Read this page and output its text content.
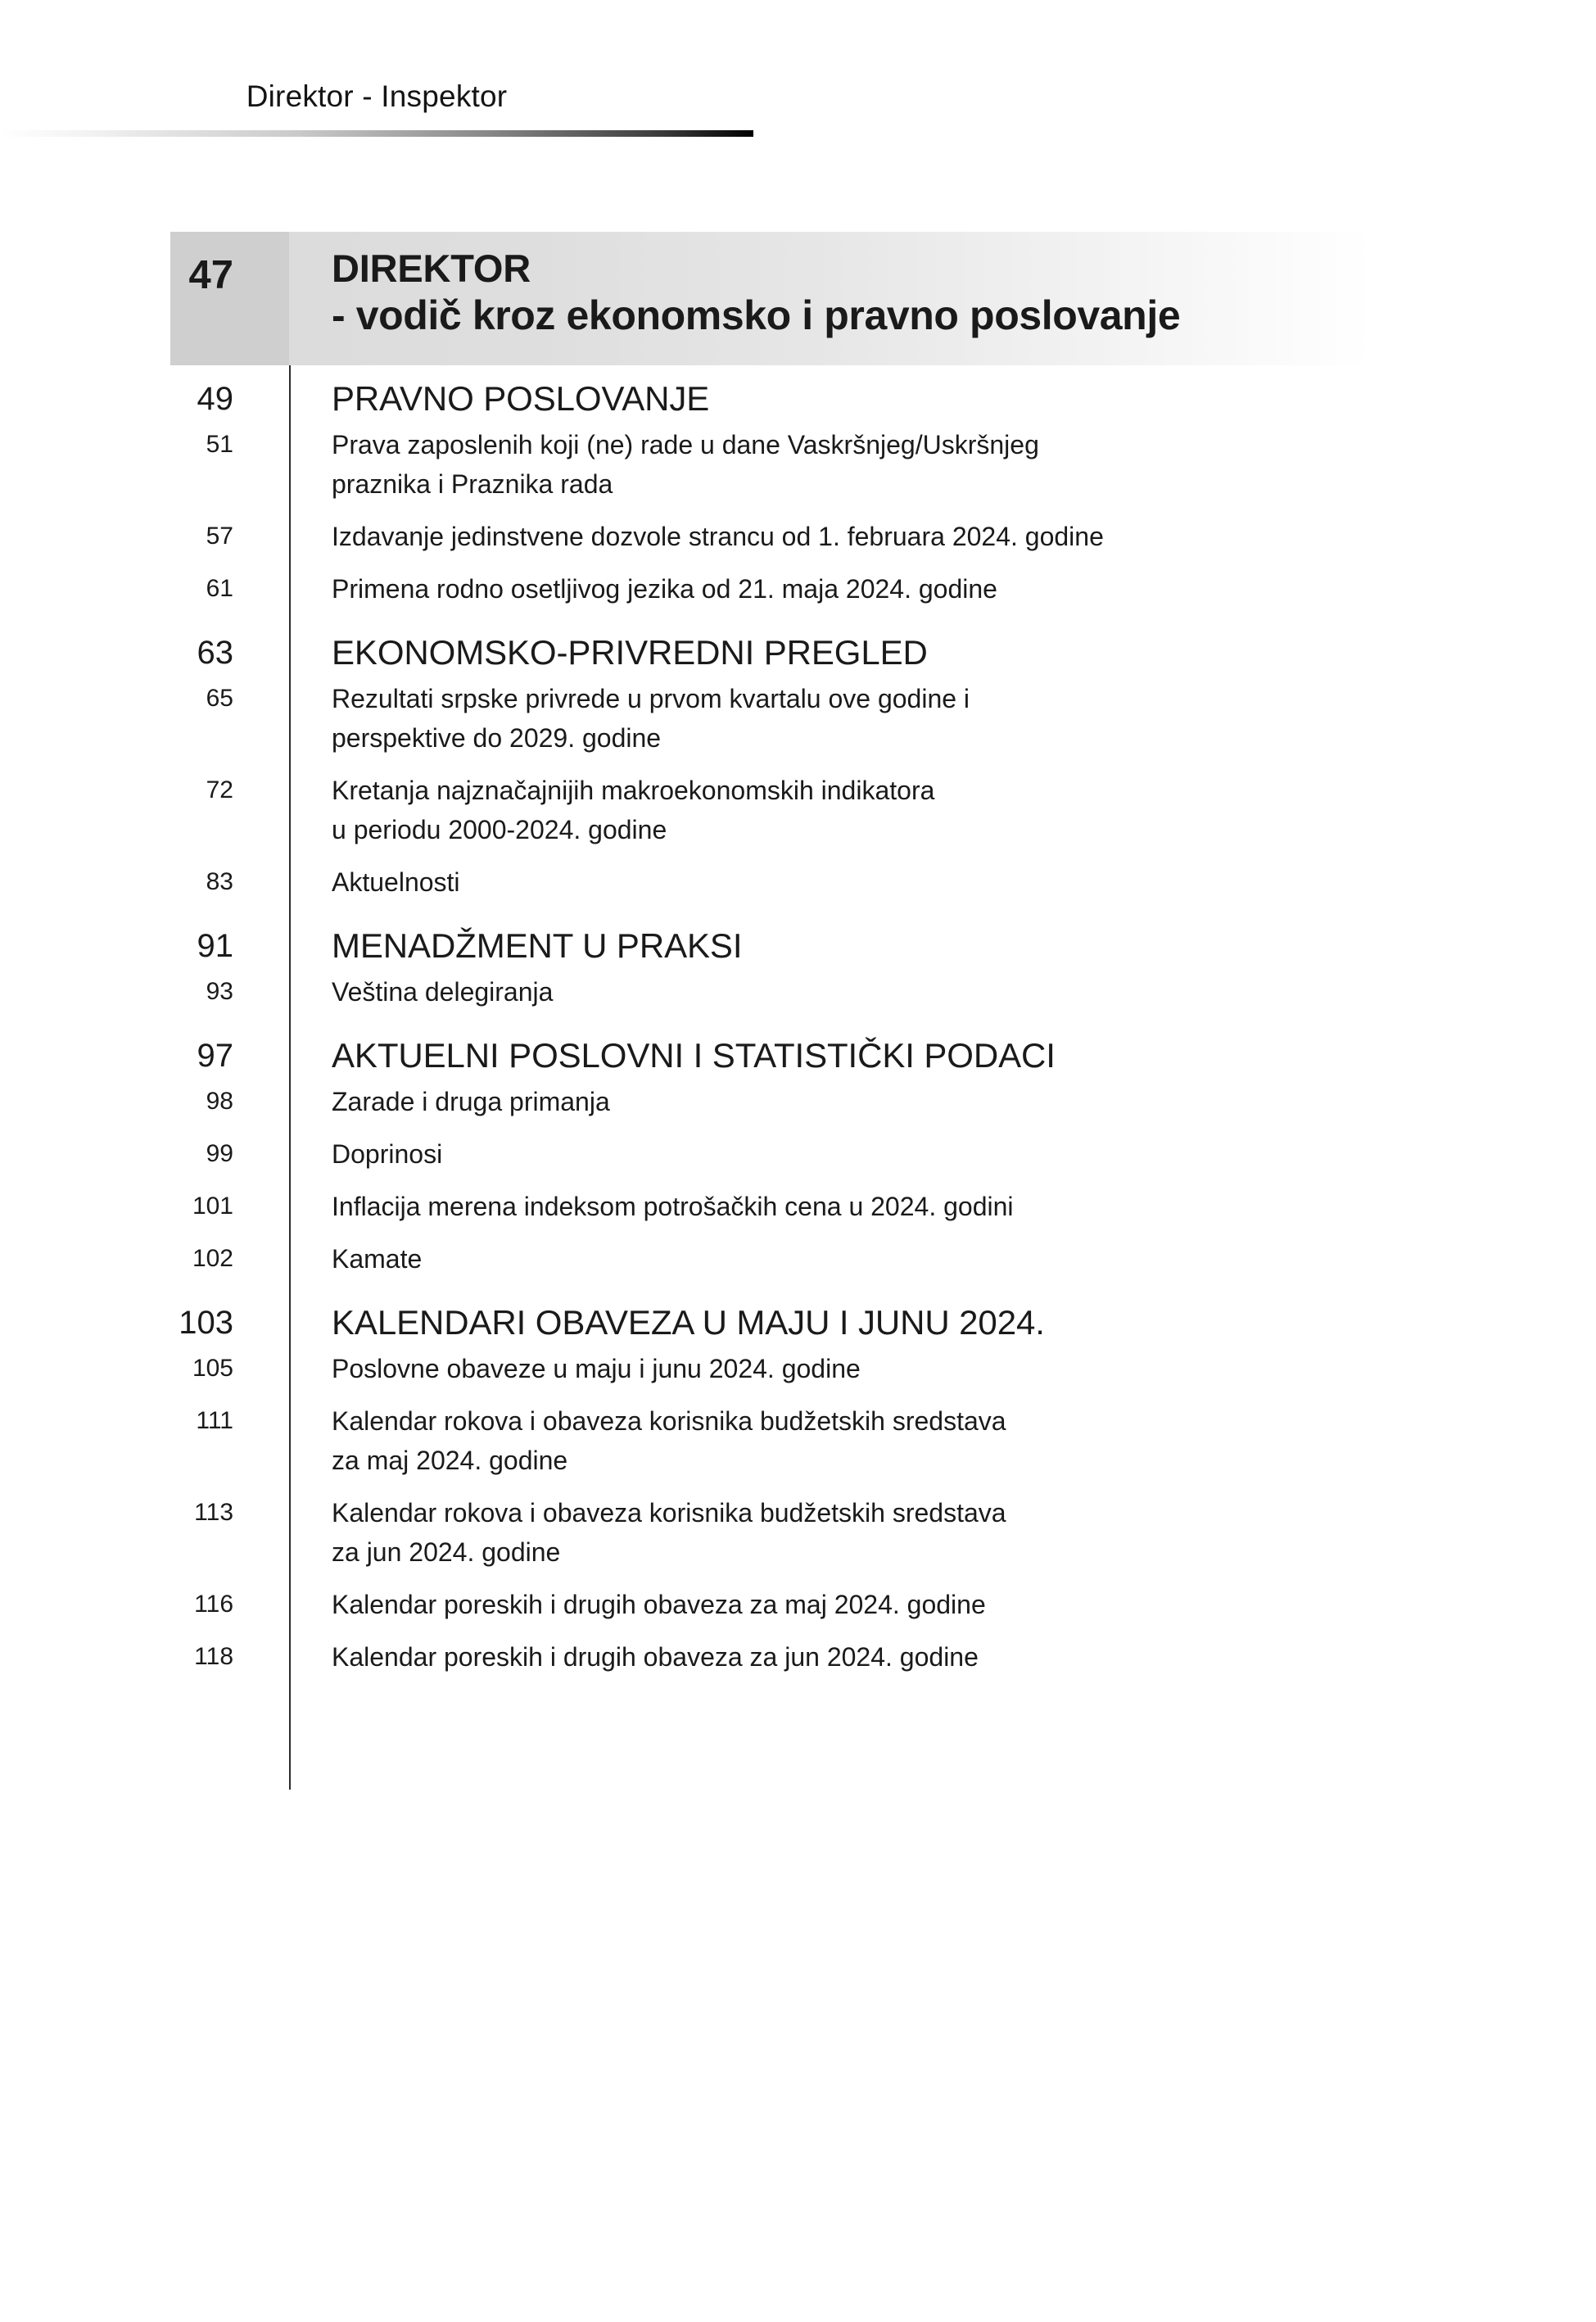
Direktor - Inspektor
47	DIREKTOR
- vodič kroz ekonomsko i pravno poslovanje
49	PRAVNO POSLOVANJE
51	Prava zaposlenih koji (ne) rade u dane Vaskršnjeg/Uskršnjeg
praznika i Praznika rada
57	Izdavanje jedinstvene dozvole strancu od 1. februara 2024. godine
61	Primena rodno osetljivog jezika od 21. maja 2024. godine
63	EKONOMSKO-PRIVREDNI PREGLED
65	Rezultati srpske privrede u prvom kvartalu ove godine i
perspektive do 2029. godine
72	Kretanja najznačajnijih makroekonomskih indikatora
u periodu 2000-2024. godine
83	Aktuelnosti
91	MENADŽMENT U PRAKSI
93	Veština delegiranja
97	AKTUELNI POSLOVNI I STATISTIČKI PODACI
98	Zarade i druga primanja
99	Doprinosi
101	Inflacija merena indeksom potrošačkih cena u 2024. godini
102	Kamate
103	KALENDARI OBAVEZA U MAJU I JUNU 2024.
105	Poslovne obaveze u maju i junu 2024. godine
111	Kalendar rokova i obaveza korisnika budžetskih sredstava
za maj 2024. godine
113	Kalendar rokova i obaveza korisnika budžetskih sredstava
za jun 2024. godine
116	Kalendar poreskih i drugih obaveza za maj 2024. godine
118	Kalendar poreskih i drugih obaveza za jun 2024. godine
